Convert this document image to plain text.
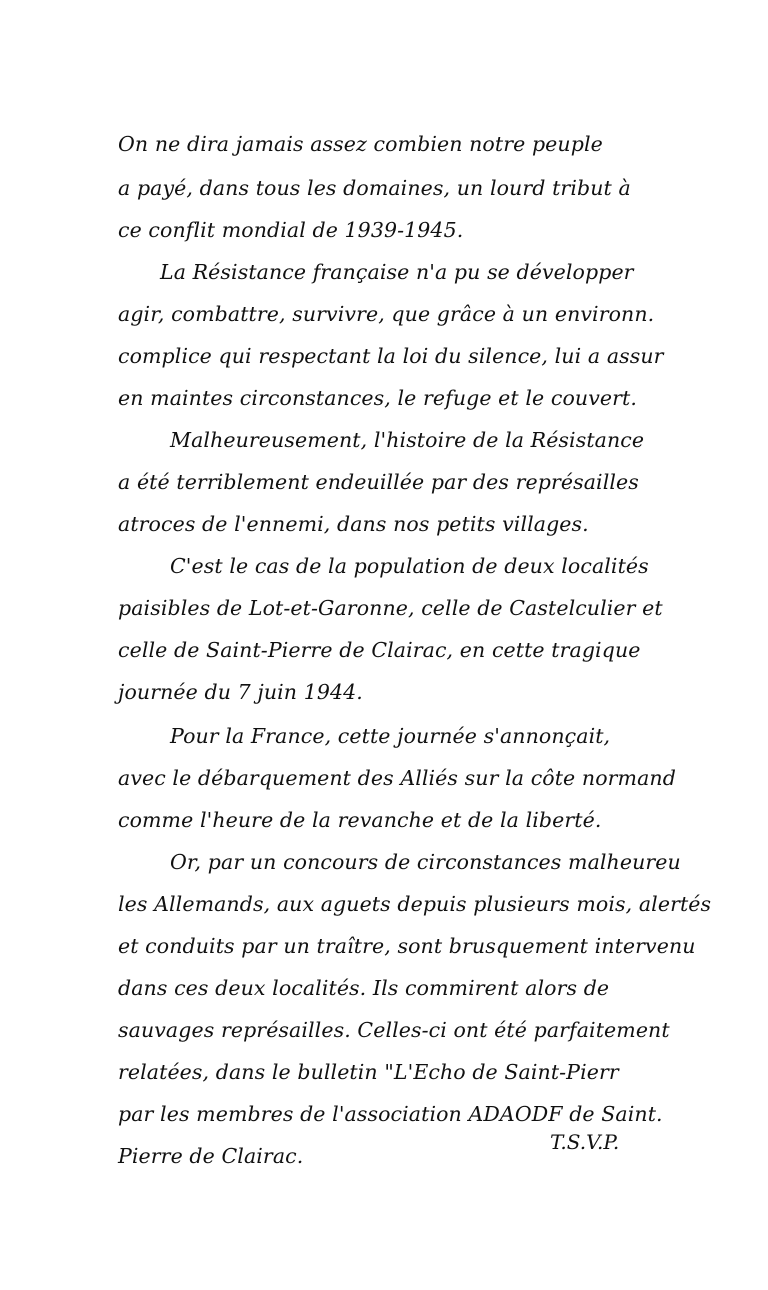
On ne dira jamais assez combien notre peuple
a payé, dans tous les domaines, un lourd tribut à
ce conflit mondial de 1939-1945.
La Résistance française n'a pu se développer
agir, combattre, survivre, que grâce à un environn.
complice qui respectant la loi du silence, lui a assur
en maintes circonstances, le refuge et le couvert.
Malheureusement, l'histoire de la Résistance
a été terriblement endeuillée par des représailles
atroces de l'ennemi, dans nos petits villages.
C'est le cas de la population de deux localités
paisibles de Lot-et-Garonne, celle de Castelculier et
celle de Saint-Pierre de Clairac, en cette tragique
journée du 7 juin 1944.
Pour la France, cette journée s'annonçait,
avec le débarquement des Alliés sur la côte normand
comme l'heure de la revanche et de la liberté.
Or, par un concours de circonstances malheureu
les Allemands, aux aguets depuis plusieurs mois, alertés
et conduits par un traître, sont brusquement intervenu
dans ces deux localités. Ils commirent alors de
sauvages représailles. Celles-ci ont été parfaitement
relatées, dans le bulletin "L'Echo de Saint-Pierr
par les membres de l'association ADAODF de Saint.
Pierre de Clairac.
T.S.V.P.
